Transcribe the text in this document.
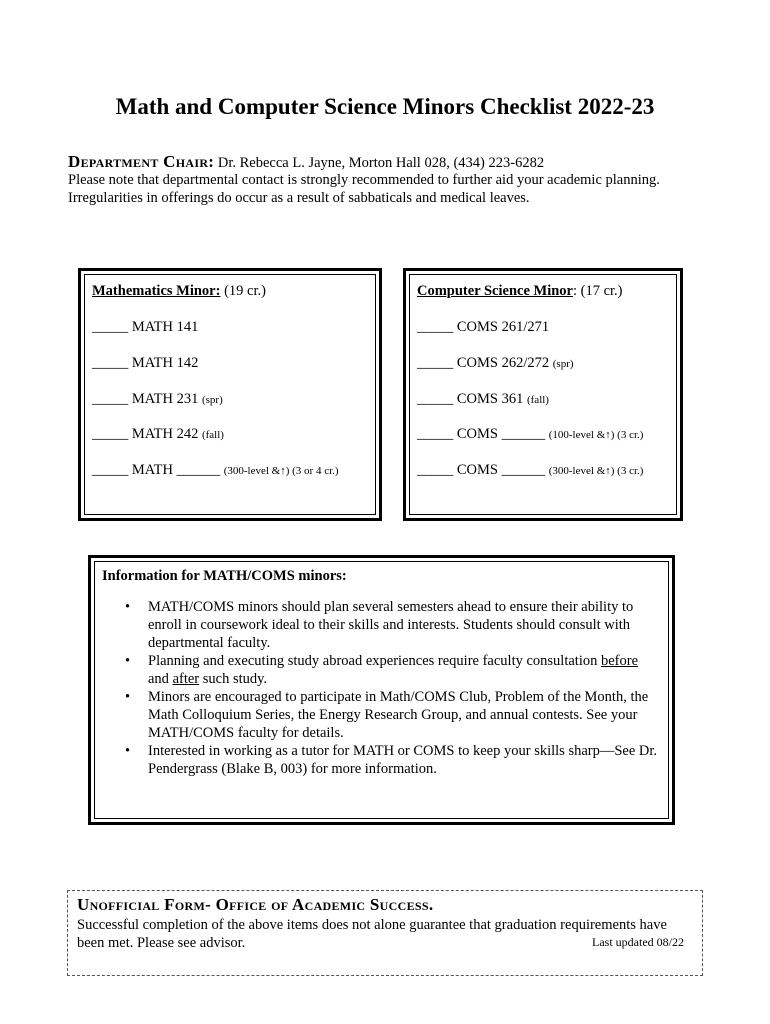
Math and Computer Science Minors Checklist 2022-23
Department Chair: Dr. Rebecca L. Jayne, Morton Hall 028, (434) 223-6282
Please note that departmental contact is strongly recommended to further aid your academic planning.
Irregularities in offerings do occur as a result of sabbaticals and medical leaves.
Mathematics Minor: (19 cr.)
_____ MATH 141
_____ MATH 142
_____ MATH 231 (spr)
_____ MATH 242 (fall)
_____ MATH ______ (300-level &↑) (3 or 4 cr.)
Computer Science Minor: (17 cr.)
_____ COMS 261/271
_____ COMS 262/272 (spr)
_____ COMS 361 (fall)
_____ COMS ______ (100-level &↑) (3 cr.)
_____ COMS ______ (300-level &↑) (3 cr.)
Information for MATH/COMS minors:
• MATH/COMS minors should plan several semesters ahead to ensure their ability to enroll in coursework ideal to their skills and interests. Students should consult with departmental faculty.
• Planning and executing study abroad experiences require faculty consultation before and after such study.
• Minors are encouraged to participate in Math/COMS Club, Problem of the Month, the Math Colloquium Series, the Energy Research Group, and annual contests. See your MATH/COMS faculty for details.
• Interested in working as a tutor for MATH or COMS to keep your skills sharp—See Dr. Pendergrass (Blake B, 003) for more information.
Unofficial Form- Office of Academic Success.
Successful completion of the above items does not alone guarantee that graduation requirements have been met. Please see advisor.	Last updated 08/22
